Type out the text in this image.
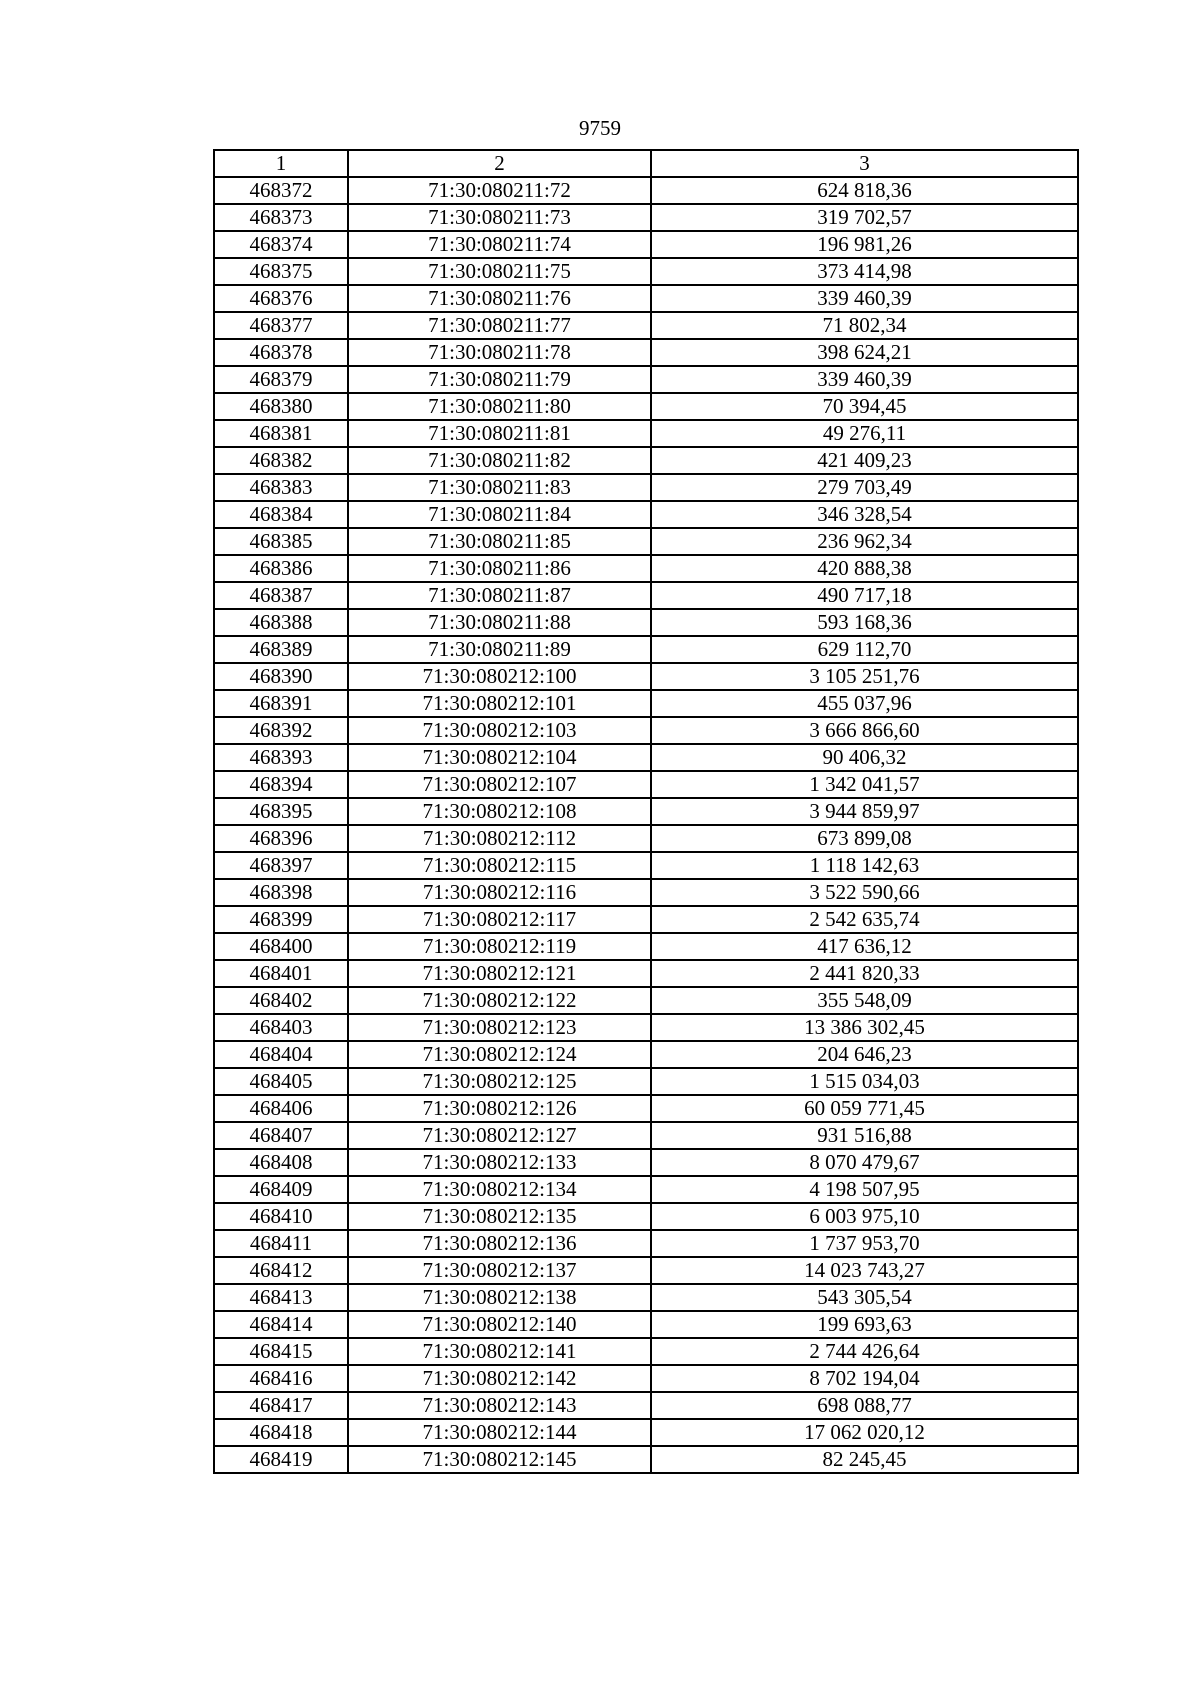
9759
1	2	3
468372	71:30:080211:72	624 818,36
468373	71:30:080211:73	319 702,57
468374	71:30:080211:74	196 981,26
468375	71:30:080211:75	373 414,98
468376	71:30:080211:76	339 460,39
468377	71:30:080211:77	71 802,34
468378	71:30:080211:78	398 624,21
468379	71:30:080211:79	339 460,39
468380	71:30:080211:80	70 394,45
468381	71:30:080211:81	49 276,11
468382	71:30:080211:82	421 409,23
468383	71:30:080211:83	279 703,49
468384	71:30:080211:84	346 328,54
468385	71:30:080211:85	236 962,34
468386	71:30:080211:86	420 888,38
468387	71:30:080211:87	490 717,18
468388	71:30:080211:88	593 168,36
468389	71:30:080211:89	629 112,70
468390	71:30:080212:100	3 105 251,76
468391	71:30:080212:101	455 037,96
468392	71:30:080212:103	3 666 866,60
468393	71:30:080212:104	90 406,32
468394	71:30:080212:107	1 342 041,57
468395	71:30:080212:108	3 944 859,97
468396	71:30:080212:112	673 899,08
468397	71:30:080212:115	1 118 142,63
468398	71:30:080212:116	3 522 590,66
468399	71:30:080212:117	2 542 635,74
468400	71:30:080212:119	417 636,12
468401	71:30:080212:121	2 441 820,33
468402	71:30:080212:122	355 548,09
468403	71:30:080212:123	13 386 302,45
468404	71:30:080212:124	204 646,23
468405	71:30:080212:125	1 515 034,03
468406	71:30:080212:126	60 059 771,45
468407	71:30:080212:127	931 516,88
468408	71:30:080212:133	8 070 479,67
468409	71:30:080212:134	4 198 507,95
468410	71:30:080212:135	6 003 975,10
468411	71:30:080212:136	1 737 953,70
468412	71:30:080212:137	14 023 743,27
468413	71:30:080212:138	543 305,54
468414	71:30:080212:140	199 693,63
468415	71:30:080212:141	2 744 426,64
468416	71:30:080212:142	8 702 194,04
468417	71:30:080212:143	698 088,77
468418	71:30:080212:144	17 062 020,12
468419	71:30:080212:145	82 245,45
